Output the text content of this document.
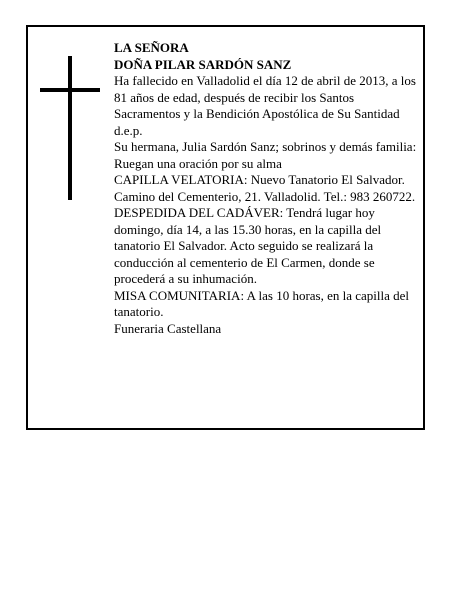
LA SEÑORA

DOÑA PILAR SARDÓN SANZ

Ha fallecido en Valladolid el día 12 de abril de 2013, a los 81 años de edad, después de recibir los Santos Sacramentos y la Bendición Apostólica de Su Santidad d.e.p.

Su hermana, Julia Sardón Sanz; sobrinos y demás familia:

Ruegan una oración por su alma

CAPILLA VELATORIA: Nuevo Tanatorio El Salvador. Camino del Cementerio, 21. Valladolid. Tel.: 983 260722.

DESPEDIDA DEL CADÁVER: Tendrá lugar hoy domingo, día 14, a las 15.30 horas, en la capilla del tanatorio El Salvador. Acto seguido se realizará la conducción al cementerio de El Carmen, donde se procederá a su inhumación.

MISA COMUNITARIA: A las 10 horas, en la capilla del tanatorio.

Funeraria Castellana
